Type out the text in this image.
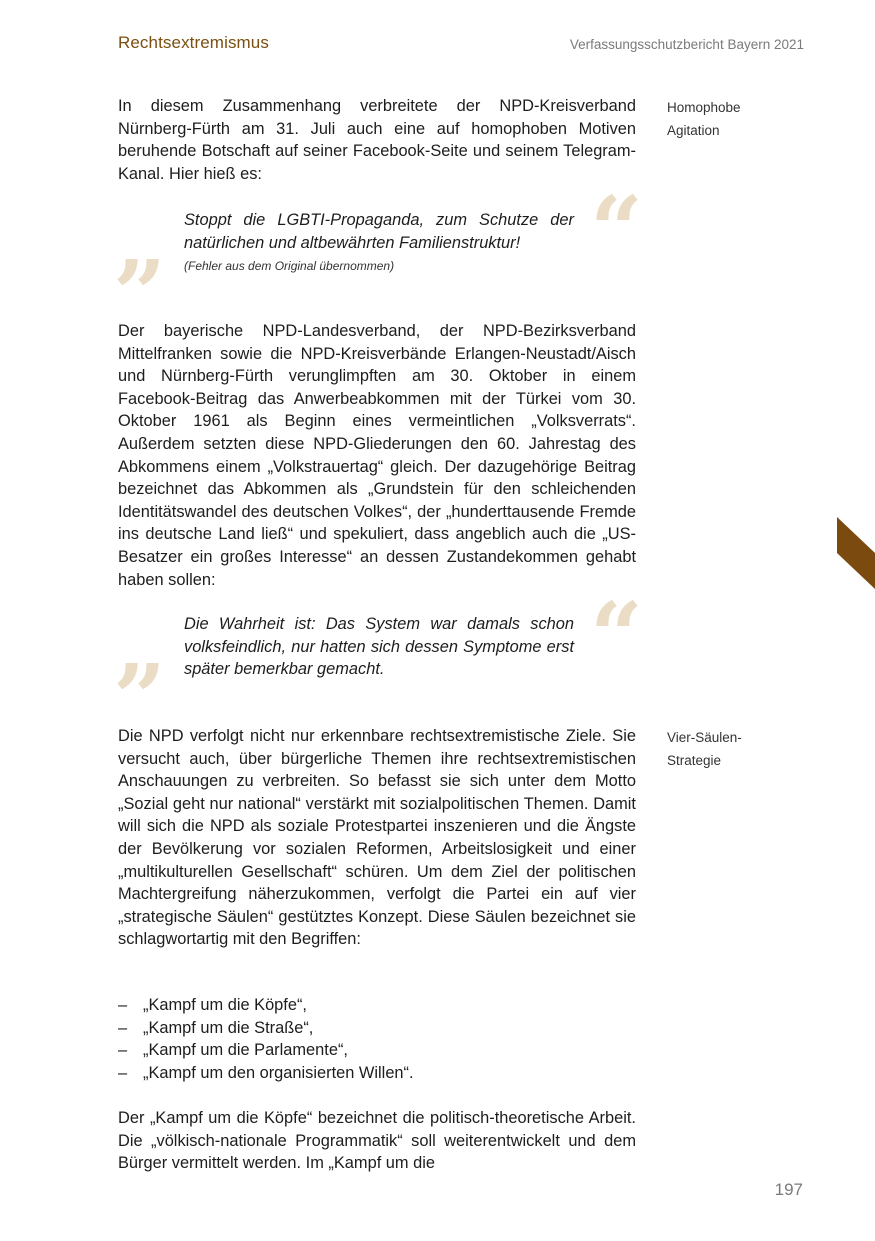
Rechtsextremismus	Verfassungsschutzbericht Bayern 2021

In diesem Zusammenhang verbreitete der NPD-Kreisverband Nürnberg-Fürth am 31. Juli auch eine auf homophoben Motiven beruhende Botschaft auf seiner Facebook-Seite und seinem Telegram-Kanal. Hier hieß es:

Homophobe
Agitation
“

Stoppt die LGBTI-Propaganda, zum Schutze der natürlichen und altbewährten Familienstruktur!

(Fehler aus dem Original übernommen)
”

Der bayerische NPD-Landesverband, der NPD-Bezirksverband Mittelfranken sowie die NPD-Kreisverbände Erlangen-Neustadt/Aisch und Nürnberg-Fürth verunglimpften am 30. Oktober in einem Facebook-Beitrag das Anwerbeabkommen mit der Türkei vom 30. Oktober 1961 als Beginn eines vermeintlichen „Volksverrats“. Außerdem setzten diese NPD-Gliederungen den 60. Jahrestag des Abkommens einem „Volkstrauertag“ gleich. Der dazugehörige Beitrag bezeichnet das Abkommen als „Grundstein für den schleichenden Identitätswandel des deutschen Volkes“, der „hunderttausende Fremde ins deutsche Land ließ“ und spekuliert, dass angeblich auch die „US-Besatzer ein großes Interesse“ an dessen Zustandekommen gehabt haben sollen:

“

Die Wahrheit ist: Das System war damals schon volksfeindlich, nur hatten sich dessen Symptome erst später bemerkbar gemacht.

”

Die NPD verfolgt nicht nur erkennbare rechtsextremistische Ziele. Sie versucht auch, über bürgerliche Themen ihre rechtsextremistischen Anschauungen zu verbreiten. So befasst sie sich unter dem Motto „Sozial geht nur national“ verstärkt mit sozialpolitischen Themen. Damit will sich die NPD als soziale Protestpartei inszenieren und die Ängste der Bevölkerung vor sozialen Reformen, Arbeitslosigkeit und einer „multikulturellen Gesellschaft“ schüren. Um dem Ziel der politischen Machtergreifung näherzukommen, verfolgt die Partei ein auf vier „strategische Säulen“ gestütztes Konzept. Diese Säulen bezeichnet sie schlagwortartig mit den Begriffen:

Vier-Säulen-
Strategie
– „Kampf um die Köpfe“,
– „Kampf um die Straße“,
– „Kampf um die Parlamente“,
– „Kampf um den organisierten Willen“.

Der „Kampf um die Köpfe“ bezeichnet die politisch-theoretische Arbeit. Die „völkisch-nationale Programmatik“ soll weiterentwickelt und dem Bürger vermittelt werden. Im „Kampf um die

197
